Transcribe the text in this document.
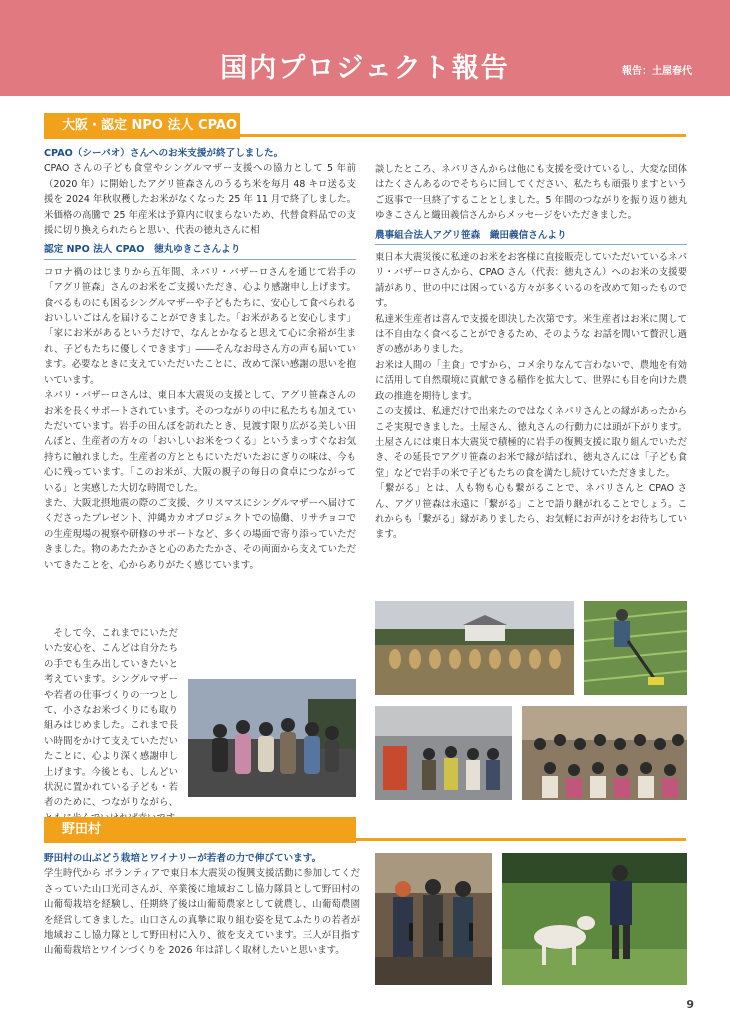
国内プロジェクト報告	報告：土屋春代
大阪・認定 NPO 法人 CPAO
CPAO（シーパオ）さんへのお米支援が終了しました。

CPAO さんの子ども食堂やシングルマザー支援への協力として 5 年前（2020 年）に開始したアグリ笹森さんのうるち米を毎月 48 キロ送る支援を 2024 年秋収穫したお米がなくなった 25 年 11 月で終了しました。米価格の高騰で 25 年産米は予算内に収まらないため、代替食料品での支援に切り換えられたらと思い、代表の徳丸さんに相

認定 NPO 法人 CPAO　徳丸ゆきこさんより

コロナ禍のはじまりから五年間、ネパリ・バザーロさんを通じて岩手の「アグリ笹森」さんのお米をご支援いただき、心より感謝申し上げます。食べるものにも困るシングルマザーや子どもたちに、安心して食べられるおいしいごはんを届けることができました。「お米があると安心します」「家にお米があるというだけで、なんとかなると思えて心に余裕が生まれ、子どもたちに優しくできます」――そんなお母さん方の声も届いています。必要なときに支えていただいたことに、改めて深い感謝の思いを抱いています。

ネパリ・バザーロさんは、東日本大震災の支援として、アグリ笹森さんのお米を長くサポートされています。そのつながりの中に私たちも加えていただいています。岩手の田んぼを訪れたとき、見渡す限り広がる美しい田んぼと、生産者の方々の「おいしいお米をつくる」というまっすぐなお気持ちに触れました。生産者の方とともにいただいたおにぎりの味は、今も心に残っています。「このお米が、大阪の親子の毎日の食卓につながっている」と実感した大切な時間でした。

また、大阪北摂地震の際のご支援、クリスマスにシングルマザーへ届けてくださったプレゼント、沖縄カカオプロジェクトでの協働、リサチョコでの生産現場の視察や研修のサポートなど、多くの場面で寄り添っていただきました。物のあたたかさと心のあたたかさ、その両面から支えていただいてきたことを、心からありがたく感じています。

そして今、これまでにいただいた安心を、こんどは自分たちの手でも生み出していきたいと考えています。シングルマザーや若者の仕事づくりの一つとして、小さなお米づくりにも取り組みはじめました。これまで長い時間をかけて支えていただいたことに、心より深く感謝申し上げます。今後とも、しんどい状況に置かれている子ども・若者のために、つながりながら、

談したところ、ネパリさんからは他にも支援を受けているし、大変な団体はたくさんあるのでそちらに回してください、私たちも頑張りますというご返事で一旦終了することとしました。5 年間のつながりを振り返り徳丸ゆきこさんと織田義信さんからメッセージをいただきました。

農事組合法人アグリ笹森　織田義信さんより

東日本大震災後に私達のお米をお客様に直接販売していただいているネパリ・バザーロさんから、CPAO さん（代表：徳丸さん）へのお米の支援要請があり、世の中には困っている方々が多くいるのを改めて知ったものです。

私達米生産者は喜んで支援を即決した次第です。米生産者はお米に関しては不自由なく食べることができるため、そのような お話を聞いて贅沢し過ぎの感がありました。

お米は人間の「主食」ですから、コメ余りなんて言わないで、農地を有効に活用して自然環境に貢献できる稲作を拡大して、世界にも目を向けた農政の推進を期待します。

この支援は、私達だけで出来たのではなくネパリさんとの縁があったからこそ実現できました。土屋さん、徳丸さんの行動力には頭が下がります。土屋さんには東日本大震災で積極的に岩手の復興支援に取り組んでいただき、その延長でアグリ笹森のお米で縁が結ばれ、徳丸さんには「子ども食堂」などで岩手の米で子どもたちの食を満たし続けていただきました。

「繋がる」とは、人も物も心も繋がることで、ネパリさんと CPAO さん、アグリ笹森は永遠に「繋がる」ことで語り継がれることでしょう。これからも「繋がる」縁がありましたら、お気軽にお声がけをお待ちしています。

野田村
野田村の山ぶどう栽培とワイナリーが若者の力で伸びています。

学生時代から ボランティアで東日本大震災の復興支援活動に参加してくださっていた山口光司さんが、卒業後に地域おこし協力隊員として野田村の山葡萄栽培を経験し、任期終了後は山葡萄農家として就農し、山葡萄農園を経営してきました。山口さんの真摯に取り組む姿を見てふたりの若者が地域おこし協力隊として野田村に入り、彼を支えています。三人が目指す山葡萄栽培とワインづくりを 2026 年は詳しく取材したいと思います。

9
